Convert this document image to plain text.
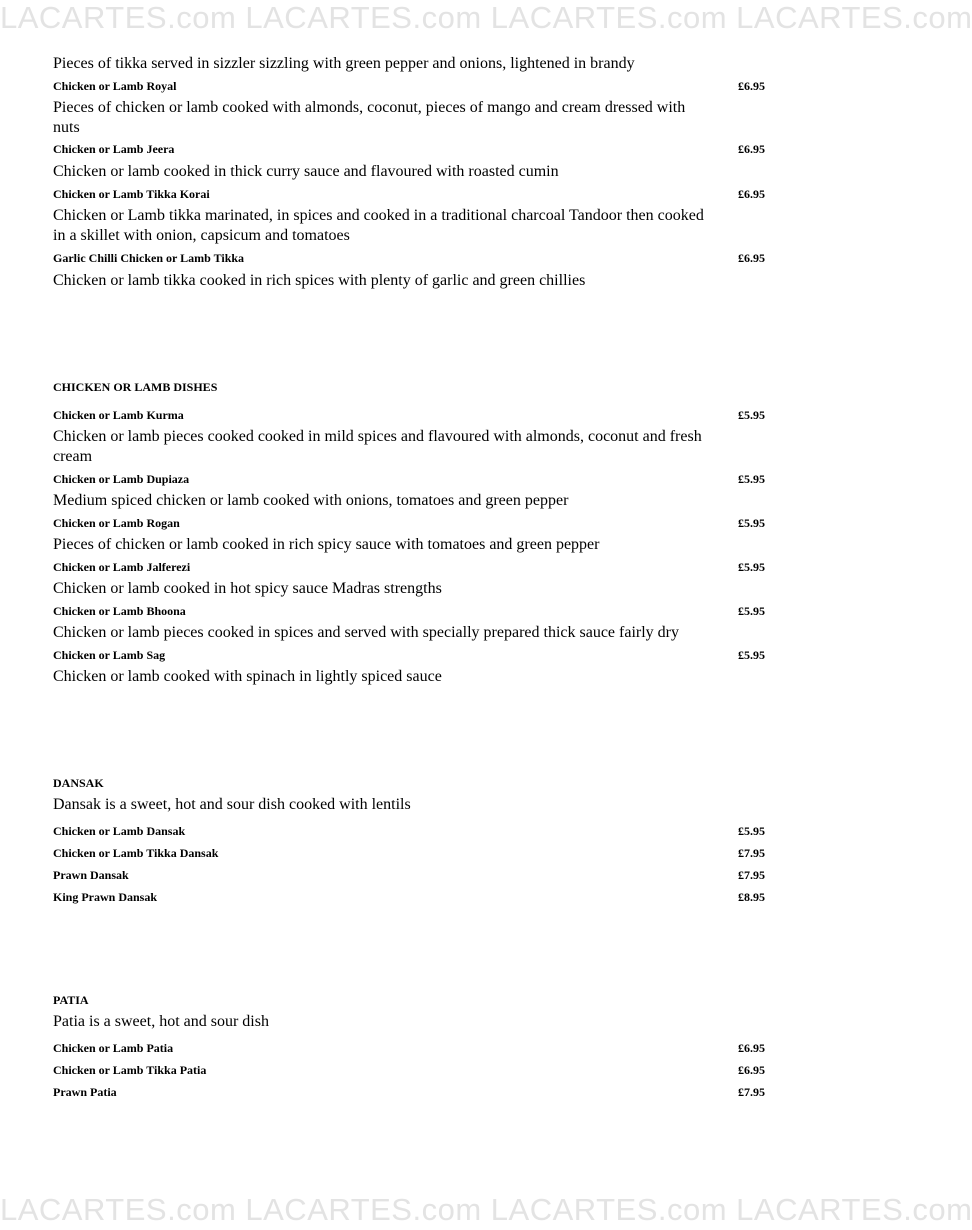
LACARTES.com LACARTES.com LACARTES.com LACARTES.com
LACARTES.com LACARTES.com LACARTES.com LACARTES.com
Pieces of tikka served in sizzler sizzling with green pepper and onions, lightened in brandy
Chicken or Lamb Royal	£6.95
Pieces of chicken or lamb cooked with almonds, coconut, pieces of mango and cream dressed with nuts
Chicken or Lamb Jeera	£6.95
Chicken or lamb cooked in thick curry sauce and flavoured with roasted cumin
Chicken or Lamb Tikka Korai	£6.95
Chicken or Lamb tikka marinated, in spices and cooked in a traditional charcoal Tandoor then cooked in a skillet with onion, capsicum and tomatoes
Garlic Chilli Chicken or Lamb Tikka	£6.95
Chicken or lamb tikka cooked in rich spices with plenty of garlic and green chillies
CHICKEN OR LAMB DISHES
Chicken or Lamb Kurma	£5.95
Chicken or lamb pieces cooked cooked in mild spices and flavoured with almonds, coconut and fresh cream
Chicken or Lamb Dupiaza	£5.95
Medium spiced chicken or lamb cooked with onions, tomatoes and green pepper
Chicken or Lamb Rogan	£5.95
Pieces of chicken or lamb cooked in rich spicy sauce with tomatoes and green pepper
Chicken or Lamb Jalferezi	£5.95
Chicken or lamb cooked in hot spicy sauce Madras strengths
Chicken or Lamb Bhoona	£5.95
Chicken or lamb pieces cooked in spices and served with specially prepared thick sauce fairly dry
Chicken or Lamb Sag	£5.95
Chicken or lamb cooked with spinach in lightly spiced sauce
DANSAK
Dansak is a sweet, hot and sour dish cooked with lentils
Chicken or Lamb Dansak	£5.95
Chicken or Lamb Tikka Dansak	£7.95
Prawn Dansak	£7.95
King Prawn Dansak	£8.95
PATIA
Patia is a sweet, hot and sour dish
Chicken or Lamb Patia	£6.95
Chicken or Lamb Tikka Patia	£6.95
Prawn Patia	£7.95
